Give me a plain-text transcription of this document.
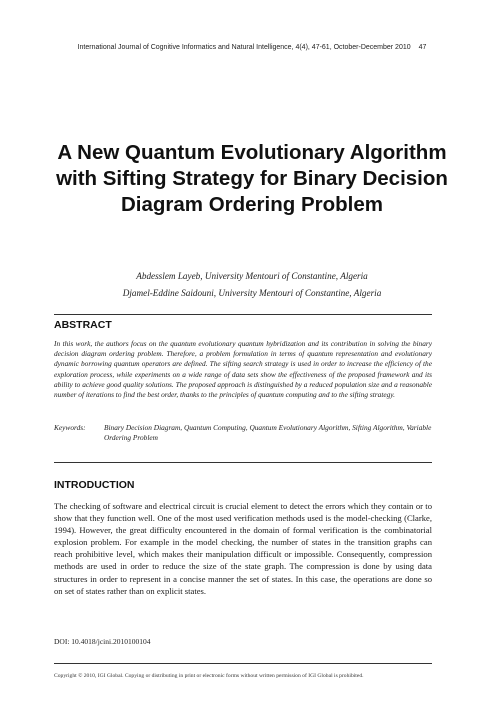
International Journal of Cognitive Informatics and Natural Intelligence, 4(4), 47-61, October-December 2010 47
A New Quantum Evolutionary Algorithm with Sifting Strategy for Binary Decision Diagram Ordering Problem
Abdesslem Layeb, University Mentouri of Constantine, Algeria
Djamel-Eddine Saidouni, University Mentouri of Constantine, Algeria
ABSTRACT
In this work, the authors focus on the quantum evolutionary quantum hybridization and its contribution in solving the binary decision diagram ordering problem. Therefore, a problem formulation in terms of quantum representation and evolutionary dynamic borrowing quantum operators are defined. The sifting search strategy is used in order to increase the efficiency of the exploration process, while experiments on a wide range of data sets show the effectiveness of the proposed framework and its ability to achieve good quality solutions. The proposed approach is distinguished by a reduced population size and a reasonable number of iterations to find the best order, thanks to the principles of quantum computing and to the sifting strategy.
Keywords:	Binary Decision Diagram, Quantum Computing, Quantum Evolutionary Algorithm, Sifting Algorithm, Variable Ordering Problem
INTRODUCTION
The checking of software and electrical circuit is crucial element to detect the errors which they contain or to show that they function well. One of the most used verification methods used is the model-checking (Clarke, 1994). However, the great difficulty encountered in the domain of formal verification is the combinatorial explosion problem. For example in the model checking, the number of states in the transition graphs can reach prohibitive level, which makes their manipulation difficult or impossible. Consequently, compression methods are used in order to reduce the size of the state graph. The compression is done by using data structures in order to represent in a concise manner the set of states. In this case, the operations are done so on set of states rather than on explicit states.
DOI: 10.4018/jcini.2010100104
Copyright © 2010, IGI Global. Copying or distributing in print or electronic forms without written permission of IGI Global is prohibited.
